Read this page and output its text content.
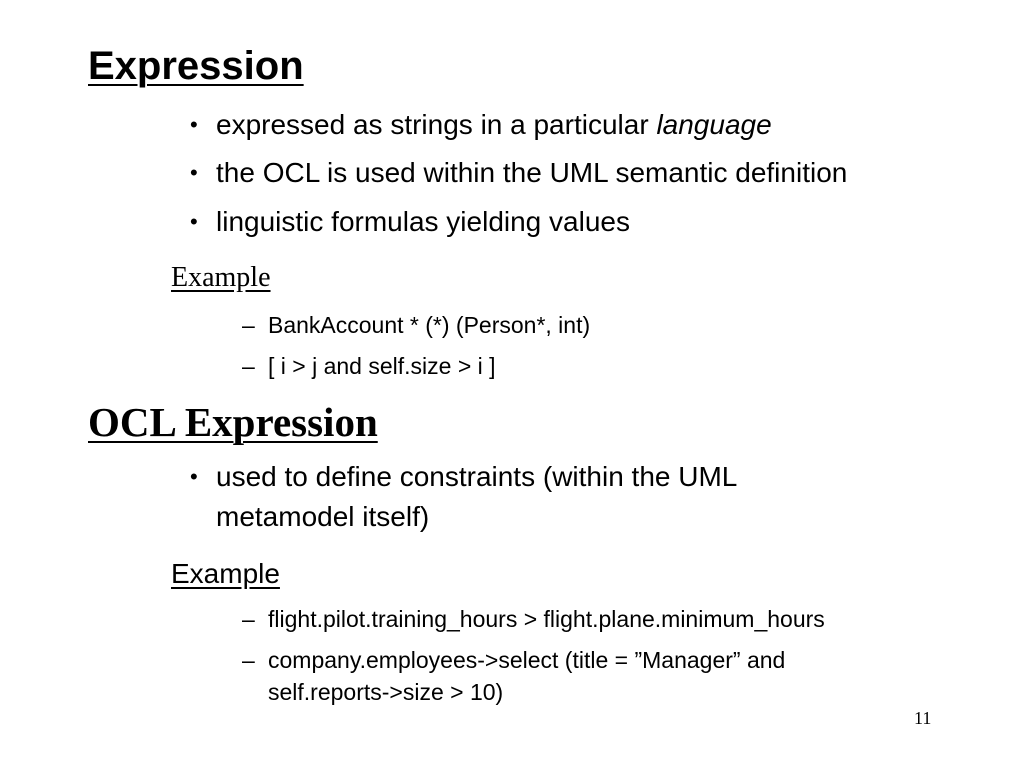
Expression
• expressed as strings in a particular language
• the OCL is used within the UML semantic definition
• linguistic formulas yielding values
Example
– BankAccount * (*) (Person*, int)
– [ i > j and self.size > i ]
OCL Expression
• used to define constraints (within the UML
metamodel itself)
Example
– flight.pilot.training_hours > flight.plane.minimum_hours
– company.employees->select (title = ”Manager” and
self.reports->size > 10)
11
